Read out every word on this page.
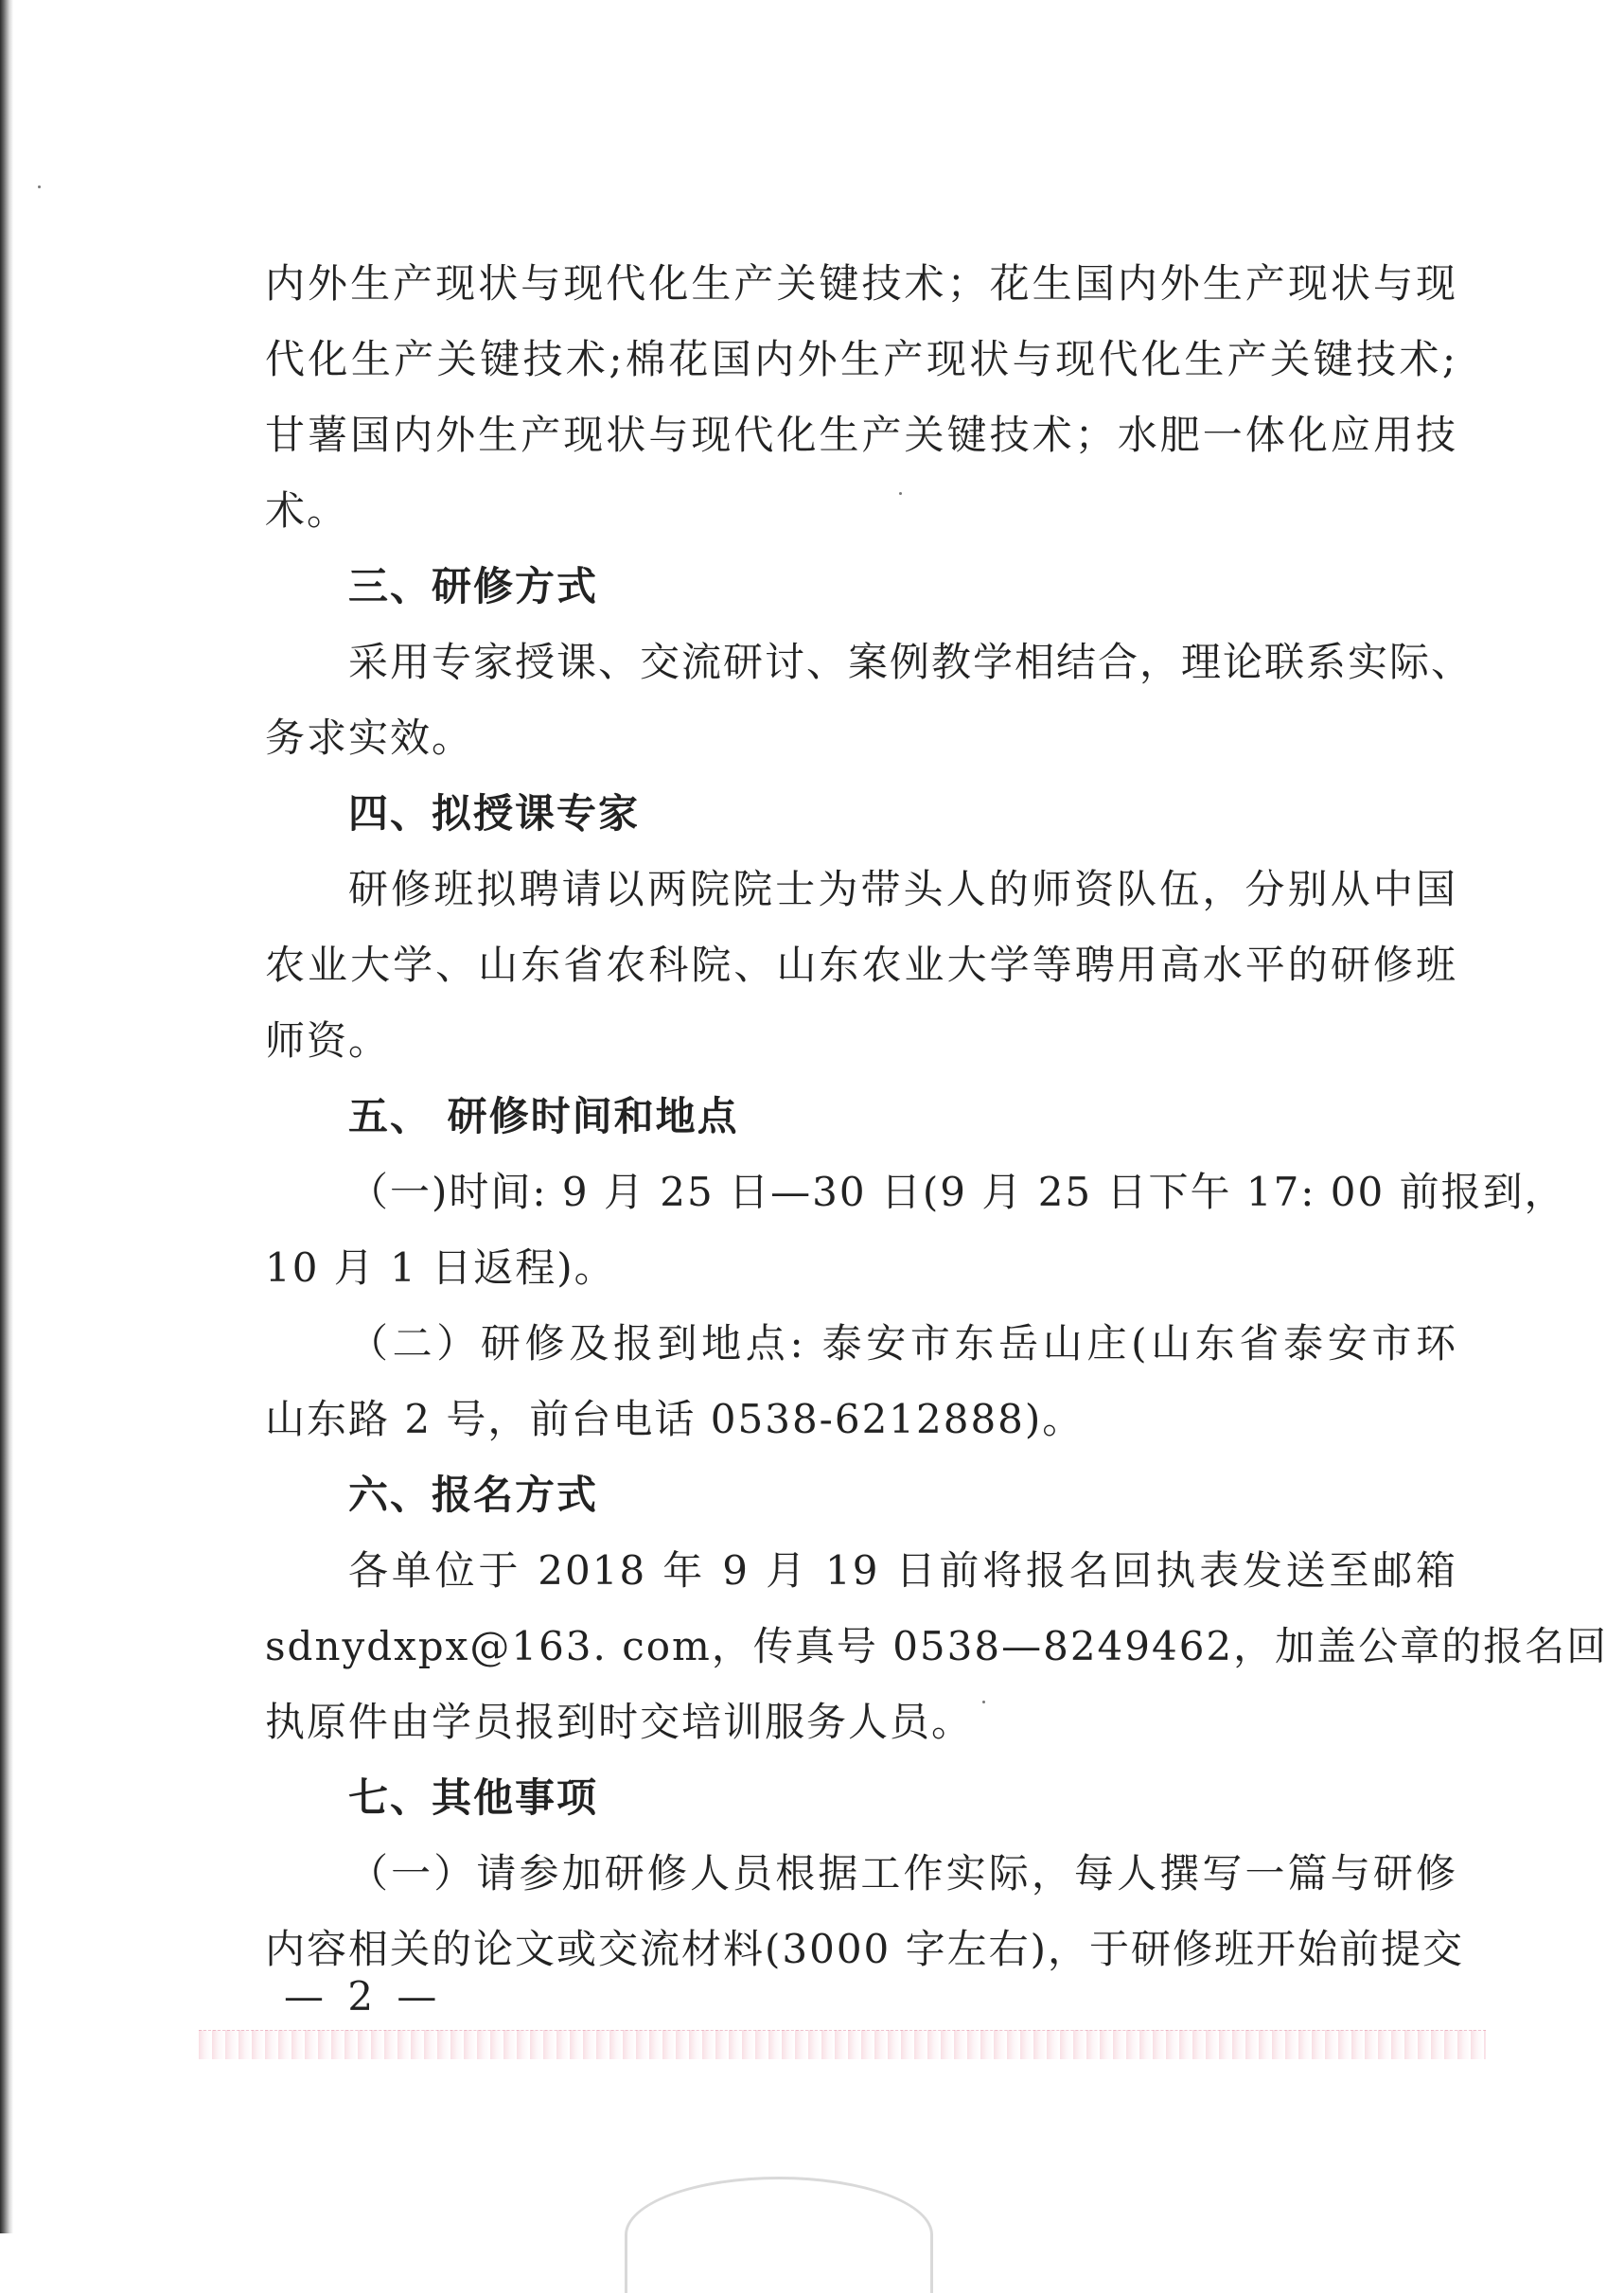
内外生产现状与现代化生产关键技术；花生国内外生产现状与现
代化生产关键技术;棉花国内外生产现状与现代化生产关键技术;
甘薯国内外生产现状与现代化生产关键技术；水肥一体化应用技
术。
三、研修方式
采用专家授课、交流研讨、案例教学相结合，理论联系实际、
务求实效。
四、拟授课专家
研修班拟聘请以两院院士为带头人的师资队伍，分别从中国
农业大学、山东省农科院、山东农业大学等聘用高水平的研修班
师资。
五、 研修时间和地点
（一)时间: 9 月 25 日—30 日(9 月 25 日下午 17: 00 前报到，
10 月 1 日返程)。
（二）研修及报到地点: 泰安市东岳山庄(山东省泰安市环
山东路 2 号，前台电话 0538-6212888)。
六、报名方式
各单位于 2018 年 9 月 19 日前将报名回执表发送至邮箱
sdnydxpx@163. com，传真号 0538—8249462，加盖公章的报名回
执原件由学员报到时交培训服务人员。
七、其他事项
（一）请参加研修人员根据工作实际，每人撰写一篇与研修
内容相关的论文或交流材料(3000 字左右)，于研修班开始前提交
— 2 —
